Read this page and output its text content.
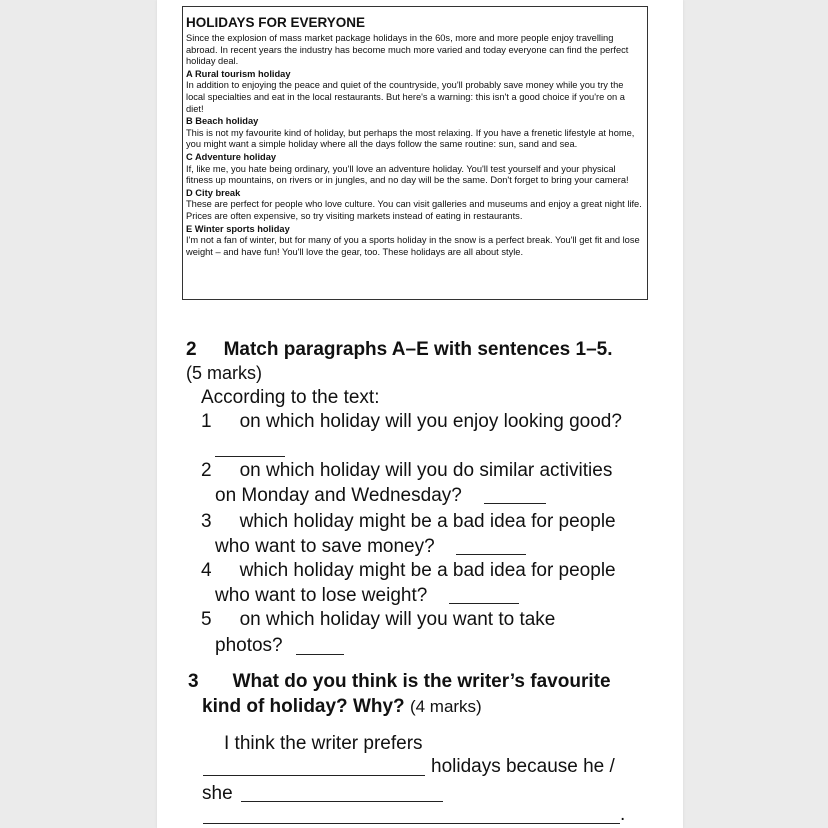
HOLIDAYS FOR EVERYONE

Since the explosion of mass market package holidays in the 60s, more and more people enjoy travelling abroad. In recent years the industry has become much more varied and today everyone can find the perfect holiday deal.

A Rural tourism holiday

In addition to enjoying the peace and quiet of the countryside, you'll probably save money while you try the local specialties and eat in the local restaurants. But here's a warning: this isn't a good choice if you're on a diet!

B Beach holiday

This is not my favourite kind of holiday, but perhaps the most relaxing. If you have a frenetic lifestyle at home, you might want a simple holiday where all the days follow the same routine: sun, sand and sea.

C Adventure holiday

If, like me, you hate being ordinary, you'll love an adventure holiday. You'll test yourself and your physical fitness up mountains, on rivers or in jungles, and no day will be the same. Don't forget to bring your camera!

D City break

These are perfect for people who love culture. You can visit galleries and museums and enjoy a great night life. Prices are often expensive, so try visiting markets instead of eating in restaurants.

E Winter sports holiday

I'm not a fan of winter, but for many of you a sports holiday in the snow is a perfect break. You'll get fit and lose weight – and have fun! You'll love the gear, too. These holidays are all about style.

2 Match paragraphs A–E with sentences 1–5.
(5 marks)
According to the text:
1 on which holiday will you enjoy looking good?
2 on which holiday will you do similar activities
on Monday and Wednesday?
3 which holiday might be a bad idea for people
who want to save money?
4 which holiday might be a bad idea for people
who want to lose weight?
5 on which holiday will you want to take
photos?
3 What do you think is the writer’s favourite
kind of holiday? Why? (4 marks)
I think the writer prefers
holidays because he /
she
.
